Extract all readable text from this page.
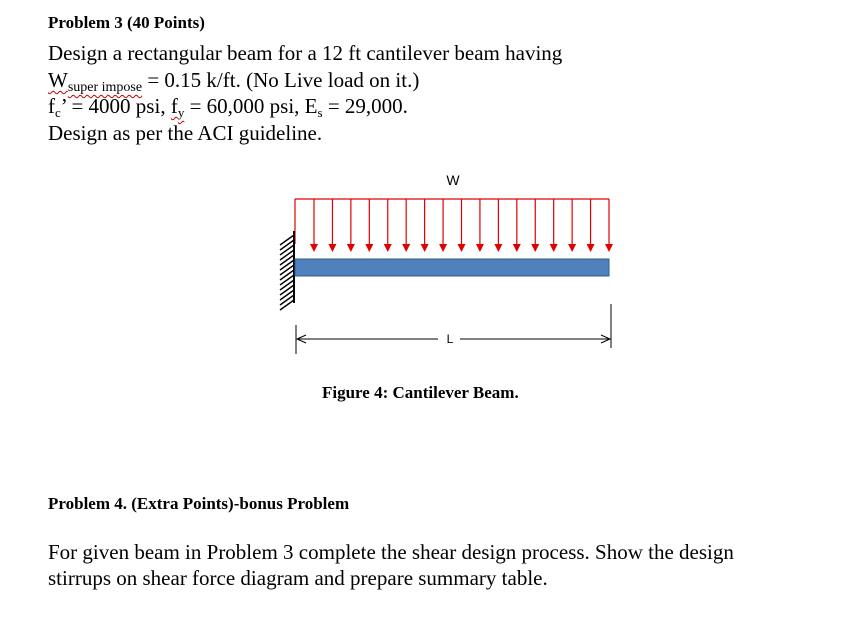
Problem 3 (40 Points)
Design a rectangular beam for a 12 ft cantilever beam having
Wsuper impose = 0.15 k/ft. (No Live load on it.)
fc’ = 4000 psi, fy = 60,000 psi, Es = 29,000.
Design as per the ACI guideline.
W
L
Figure 4: Cantilever Beam.
Problem 4. (Extra Points)-bonus Problem
For given beam in Problem 3 complete the shear design process. Show the design
stirrups on shear force diagram and prepare summary table.
